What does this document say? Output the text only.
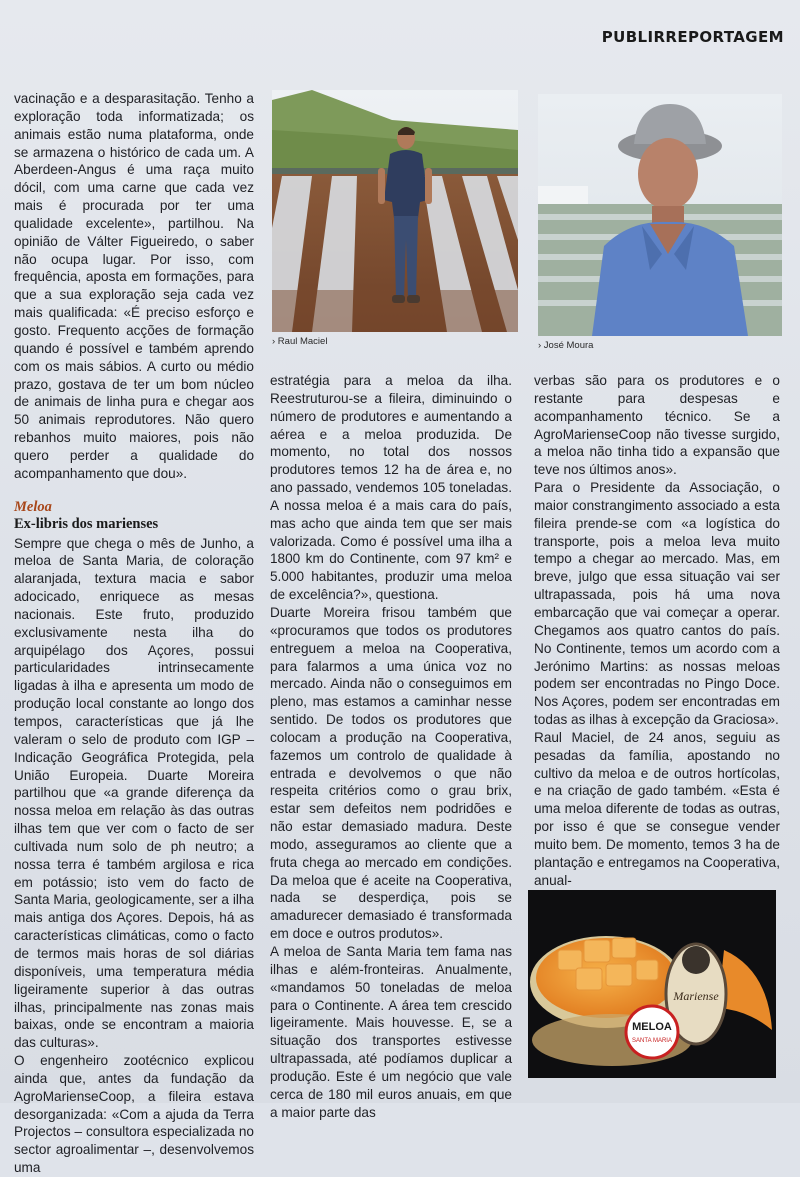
PUBLIRREPORTAGEM

vacinação e a desparasitação. Tenho a exploração toda informatizada; os animais estão numa plataforma, onde se armazena o histórico de cada um. A Aberdeen-Angus é uma raça muito dócil, com uma carne que cada vez mais é procurada por ter uma qualidade excelente», partilhou. Na opinião de Válter Figueiredo, o saber não ocupa lugar. Por isso, com frequência, aposta em formações, para que a sua exploração seja cada vez mais qualificada: «É preciso esforço e gosto. Frequento acções de formação quando é possível e também aprendo com os mais sábios. A curto ou médio prazo, gostava de ter um bom núcleo de animais de linha pura e chegar aos 50 animais reprodutores. Não quero rebanhos muito maiores, pois não quero perder a qualidade do acompanhamento que dou».

Meloa
Ex-libris dos marienses

Sempre que chega o mês de Junho, a meloa de Santa Maria, de coloração alaranjada, textura macia e sabor adocicado, enriquece as mesas nacionais. Este fruto, produzido exclusivamente nesta ilha do arquipélago dos Açores, possui particularidades intrinsecamente ligadas à ilha e apresenta um modo de produção local constante ao longo dos tempos, características que já lhe valeram o selo de produto com IGP – Indicação Geográfica Protegida, pela União Europeia. Duarte Moreira partilhou que «a grande diferença da nossa meloa em relação às das outras ilhas tem que ver com o facto de ser cultivada num solo de ph neutro; a nossa terra é também argilosa e rica em potássio; isto vem do facto de Santa Maria, geologicamente, ser a ilha mais antiga dos Açores. Depois, há as características climáticas, como o facto de termos mais horas de sol diárias disponíveis, uma temperatura média ligeiramente superior à das outras ilhas, principalmente nas zonas mais baixas, onde se encontram a maioria das culturas».

O engenheiro zootécnico explicou ainda que, antes da fundação da AgroMarienseCoop, a fileira estava desorganizada: «Com a ajuda da Terra Projectos – consultora especializada no sector agroalimentar –, desenvolvemos uma

› Raul Maciel	› José Moura

estratégia para a meloa da ilha. Reestruturou-se a fileira, diminuindo o número de produtores e aumentando a aérea e a meloa produzida. De momento, no total dos nossos produtores temos 12 ha de área e, no ano passado, vendemos 105 toneladas. A nossa meloa é a mais cara do país, mas acho que ainda tem que ser mais valorizada. Como é possível uma ilha a 1800 km do Continente, com 97 km² e 5.000 habitantes, produzir uma meloa de excelência?», questiona.

Duarte Moreira frisou também que «procuramos que todos os produtores entreguem a meloa na Cooperativa, para falarmos a uma única voz no mercado. Ainda não o conseguimos em pleno, mas estamos a caminhar nesse sentido. De todos os produtores que colocam a produção na Cooperativa, fazemos um controlo de qualidade à entrada e devolvemos o que não respeita critérios como o grau brix, estar sem defeitos nem podridões e não estar demasiado madura. Deste modo, asseguramos ao cliente que a fruta chega ao mercado em condições. Da meloa que é aceite na Cooperativa, nada se desperdiça, pois se amadurecer demasiado é transformada em doce e outros produtos».

A meloa de Santa Maria tem fama nas ilhas e além-fronteiras. Anualmente, «mandamos 50 toneladas de meloa para o Continente. A área tem crescido ligeiramente. Mais houvesse. E, se a situação dos transportes estivesse ultrapassada, até podíamos duplicar a produção. Este é um negócio que vale cerca de 180 mil euros anuais, em que a maior parte das

verbas são para os produtores e o restante para despesas e acompanhamento técnico. Se a AgroMarienseCoop não tivesse surgido, a meloa não tinha tido a expansão que teve nos últimos anos».

Para o Presidente da Associação, o maior constrangimento associado a esta fileira prende-se com «a logística do transporte, pois a meloa leva muito tempo a chegar ao mercado. Mas, em breve, julgo que essa situação vai ser ultrapassada, pois há uma nova embarcação que vai começar a operar. Chegamos aos quatro cantos do país. No Continente, temos um acordo com a Jerónimo Martins: as nossas meloas podem ser encontradas no Pingo Doce. Nos Açores, podem ser encontradas em todas as ilhas à excepção da Graciosa».

Raul Maciel, de 24 anos, seguiu as pesadas da família, apostando no cultivo da meloa e de outros hortícolas, e na criação de gado também. «Esta é uma meloa diferente de todas as outras, por isso é que se consegue vender muito bem. De momento, temos 3 ha de plantação e entregamos na Cooperativa, anual-

Mariense
MELOA
SANTA MARIA
